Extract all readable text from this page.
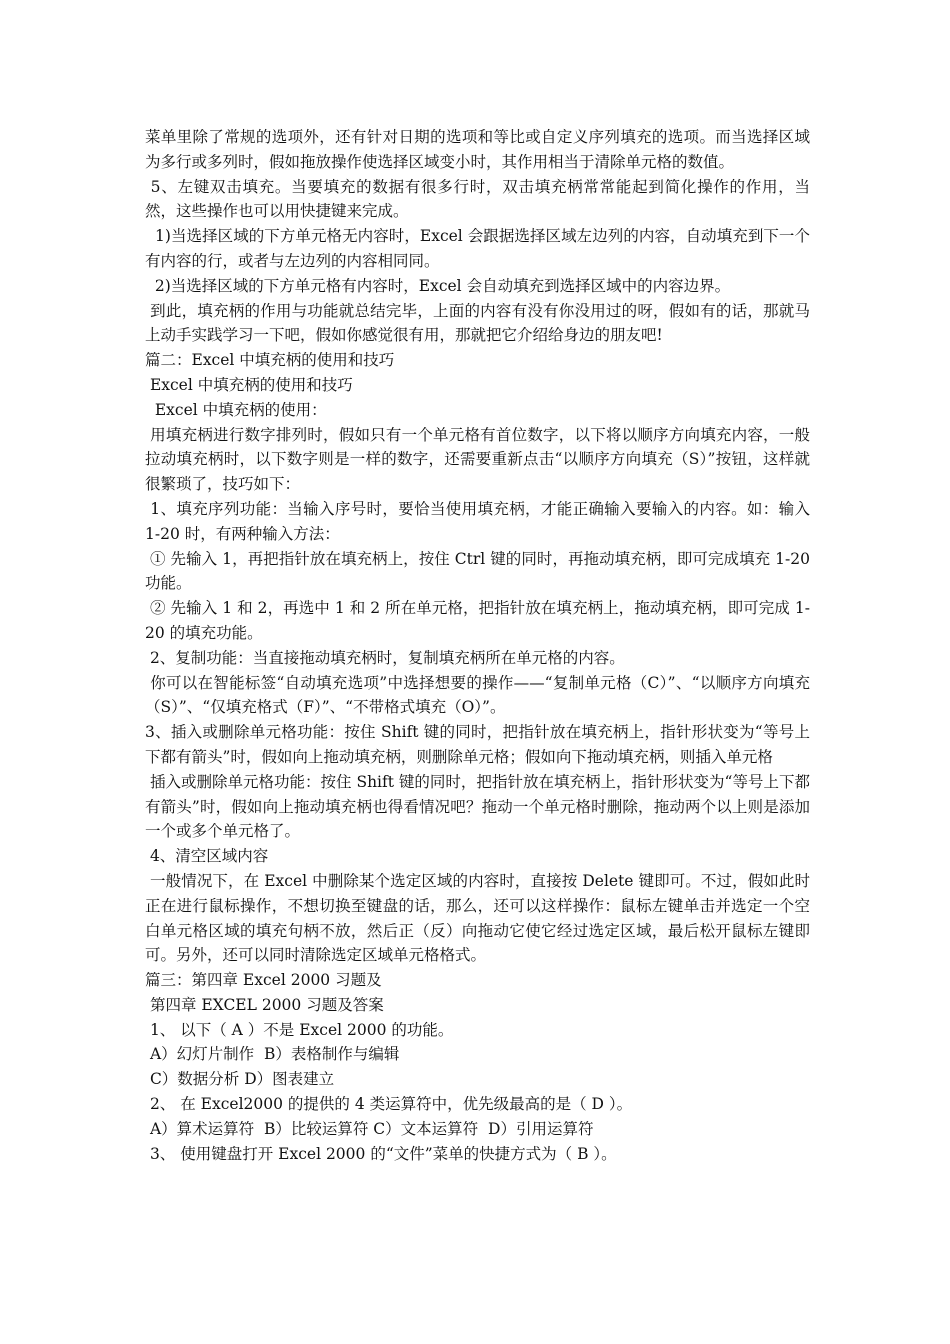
菜单里除了常规的选项外，还有针对日期的选项和等比或自定义序列填充的选项。而当选择区域为多行或多列时，假如拖放操作使选择区域变小时，其作用相当于清除单元格的数值。

5、左键双击填充。当要填充的数据有很多行时，双击填充柄常常能起到简化操作的作用，当然，这些操作也可以用快捷键来完成。

1)当选择区域的下方单元格无内容时，Excel 会跟据选择区域左边列的内容，自动填充到下一个有内容的行，或者与左边列的内容相同同。

2)当选择区域的下方单元格有内容时，Excel 会自动填充到选择区域中的内容边界。

到此，填充柄的作用与功能就总结完毕，上面的内容有没有你没用过的呀，假如有的话，那就马上动手实践学习一下吧，假如你感觉很有用，那就把它介绍给身边的朋友吧!

篇二：Excel 中填充柄的使用和技巧

Excel 中填充柄的使用和技巧

Excel 中填充柄的使用：

用填充柄进行数字排列时，假如只有一个单元格有首位数字，以下将以顺序方向填充内容，一般拉动填充柄时，以下数字则是一样的数字，还需要重新点击“以顺序方向填充（S）”按钮，这样就很繁琐了，技巧如下：

1、填充序列功能：当输入序号时，要恰当使用填充柄，才能正确输入要输入的内容。如：输入 1-20 时，有两种输入方法：

① 先输入 1，再把指针放在填充柄上，按住 Ctrl 键的同时，再拖动填充柄，即可完成填充 1-20 功能。

② 先输入 1 和 2，再选中 1 和 2 所在单元格，把指针放在填充柄上，拖动填充柄，即可完成 1-20 的填充功能。

2、复制功能：当直接拖动填充柄时，复制填充柄所在单元格的内容。

你可以在智能标签“自动填充选项”中选择想要的操作——“复制单元格（C）”、“以顺序方向填充（S）”、“仅填充格式（F）”、“不带格式填充（O）”。

3、插入或删除单元格功能：按住 Shift 键的同时，把指针放在填充柄上，指针形状变为“等号上下都有箭头”时，假如向上拖动填充柄，则删除单元格；假如向下拖动填充柄，则插入单元格

插入或删除单元格功能：按住 Shift 键的同时，把指针放在填充柄上，指针形状变为“等号上下都有箭头”时，假如向上拖动填充柄也得看情况吧？拖动一个单元格时删除，拖动两个以上则是添加一个或多个单元格了。

4、清空区域内容

一般情况下，在 Excel 中删除某个选定区域的内容时，直接按 Delete 键即可。不过，假如此时正在进行鼠标操作，不想切换至键盘的话，那么，还可以这样操作：鼠标左键单击并选定一个空白单元格区域的填充句柄不放，然后正（反）向拖动它使它经过选定区域，最后松开鼠标左键即可。另外，还可以同时清除选定区域单元格格式。

篇三：第四章 Excel 2000 习题及

第四章 EXCEL 2000 习题及答案

1、 以下（ A ）不是 Excel 2000 的功能。

A）幻灯片制作  B）表格制作与编辑

C）数据分析 D）图表建立

2、 在 Excel2000 的提供的 4 类运算符中，优先级最高的是（ D ）。

A）算术运算符  B）比较运算符 C）文本运算符  D）引用运算符

3、 使用键盘打开 Excel 2000 的“文件”菜单的快捷方式为（ B ）。
